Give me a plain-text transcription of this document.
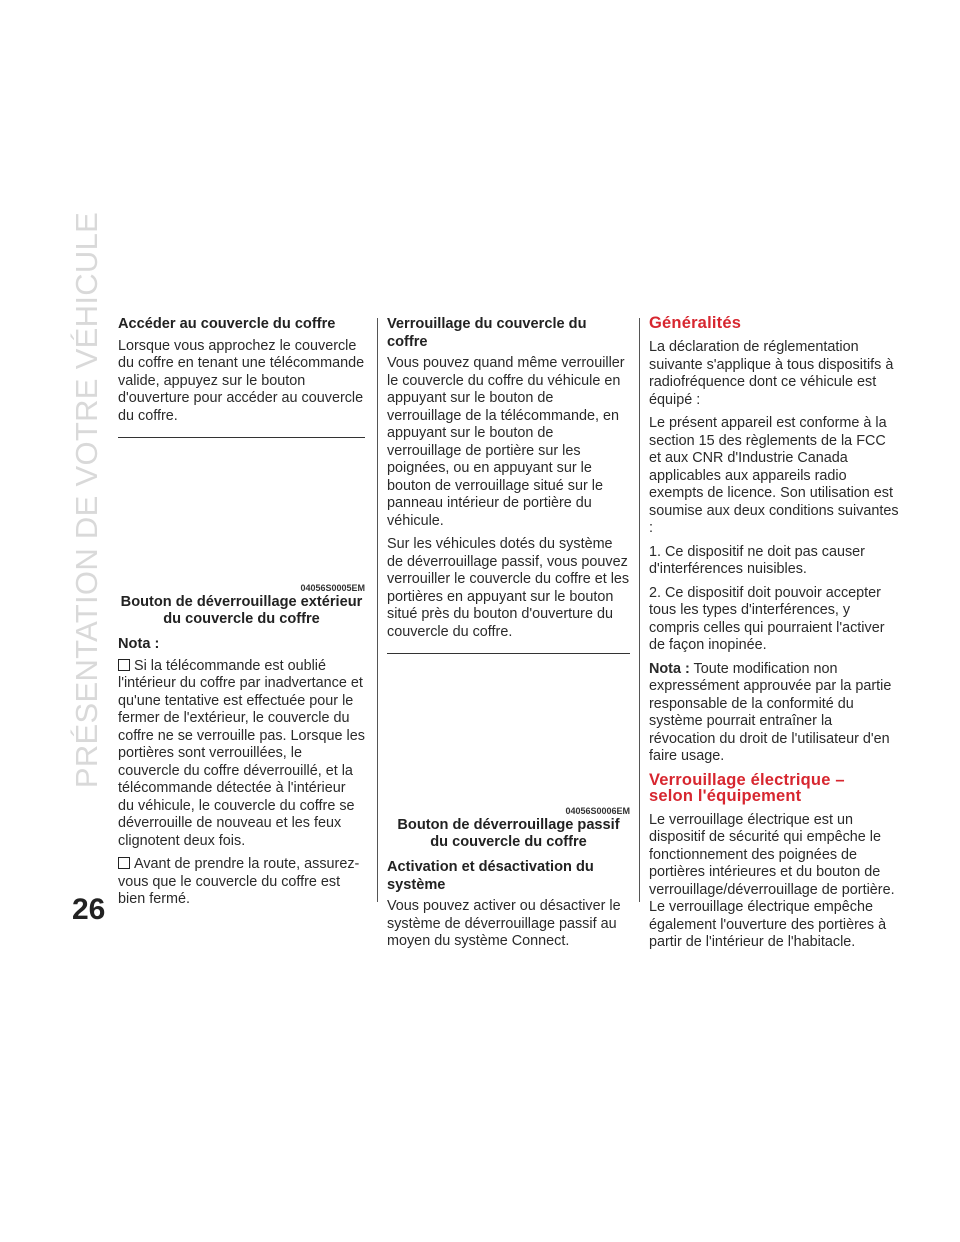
PRÉSENTATION DE VOTRE VÉHICULE
26
Accéder au couvercle du coffre

Lorsque vous approchez le couvercle du coffre en tenant une télécommande valide, appuyez sur le bouton d'ouverture pour accéder au couvercle du coffre.

04056S0005EM
Bouton de déverrouillage extérieur du couvercle du coffre
Nota :

Si la télécommande est oublié l'intérieur du coffre par inadvertance et qu'une tentative est effectuée pour le fermer de l'extérieur, le couvercle du coffre ne se verrouille pas. Lorsque les portières sont verrouillées, le couvercle du coffre déverrouillé, et la télécommande détectée à l'intérieur du véhicule, le couvercle du coffre se déverrouille de nouveau et les feux clignotent deux fois.

Avant de prendre la route, assurez-vous que le couvercle du coffre est bien fermé.

Verrouillage du couvercle du coffre

Vous pouvez quand même verrouiller le couvercle du coffre du véhicule en appuyant sur le bouton de verrouillage de la télécommande, en appuyant sur le bouton de verrouillage de portière sur les poignées, ou en appuyant sur le bouton de verrouillage situé sur le panneau intérieur de portière du véhicule.

Sur les véhicules dotés du système de déverrouillage passif, vous pouvez verrouiller le couvercle du coffre et les portières en appuyant sur le bouton situé près du bouton d'ouverture du couvercle du coffre.

04056S0006EM
Bouton de déverrouillage passif du couvercle du coffre
Activation et désactivation du système

Vous pouvez activer ou désactiver le système de déverrouillage passif au moyen du système Connect.

Généralités

La déclaration de réglementation suivante s'applique à tous dispositifs à radiofréquence dont ce véhicule est équipé :

Le présent appareil est conforme à la section 15 des règlements de la FCC et aux CNR d'Industrie Canada applicables aux appareils radio exempts de licence. Son utilisation est soumise aux deux conditions suivantes :

1. Ce dispositif ne doit pas causer d'interférences nuisibles.

2. Ce dispositif doit pouvoir accepter tous les types d'interférences, y compris celles qui pourraient l'activer de façon inopinée.

Nota : Toute modification non expressément approuvée par la partie responsable de la conformité du système pourrait entraîner la révocation du droit de l'utilisateur d'en faire usage.

Verrouillage électrique –
selon l'équipement

Le verrouillage électrique est un dispositif de sécurité qui empêche le fonctionnement des poignées de portières intérieures et du bouton de verrouillage/déverrouillage de portière. Le verrouillage électrique empêche également l'ouverture des portières à partir de l'intérieur de l'habitacle.
